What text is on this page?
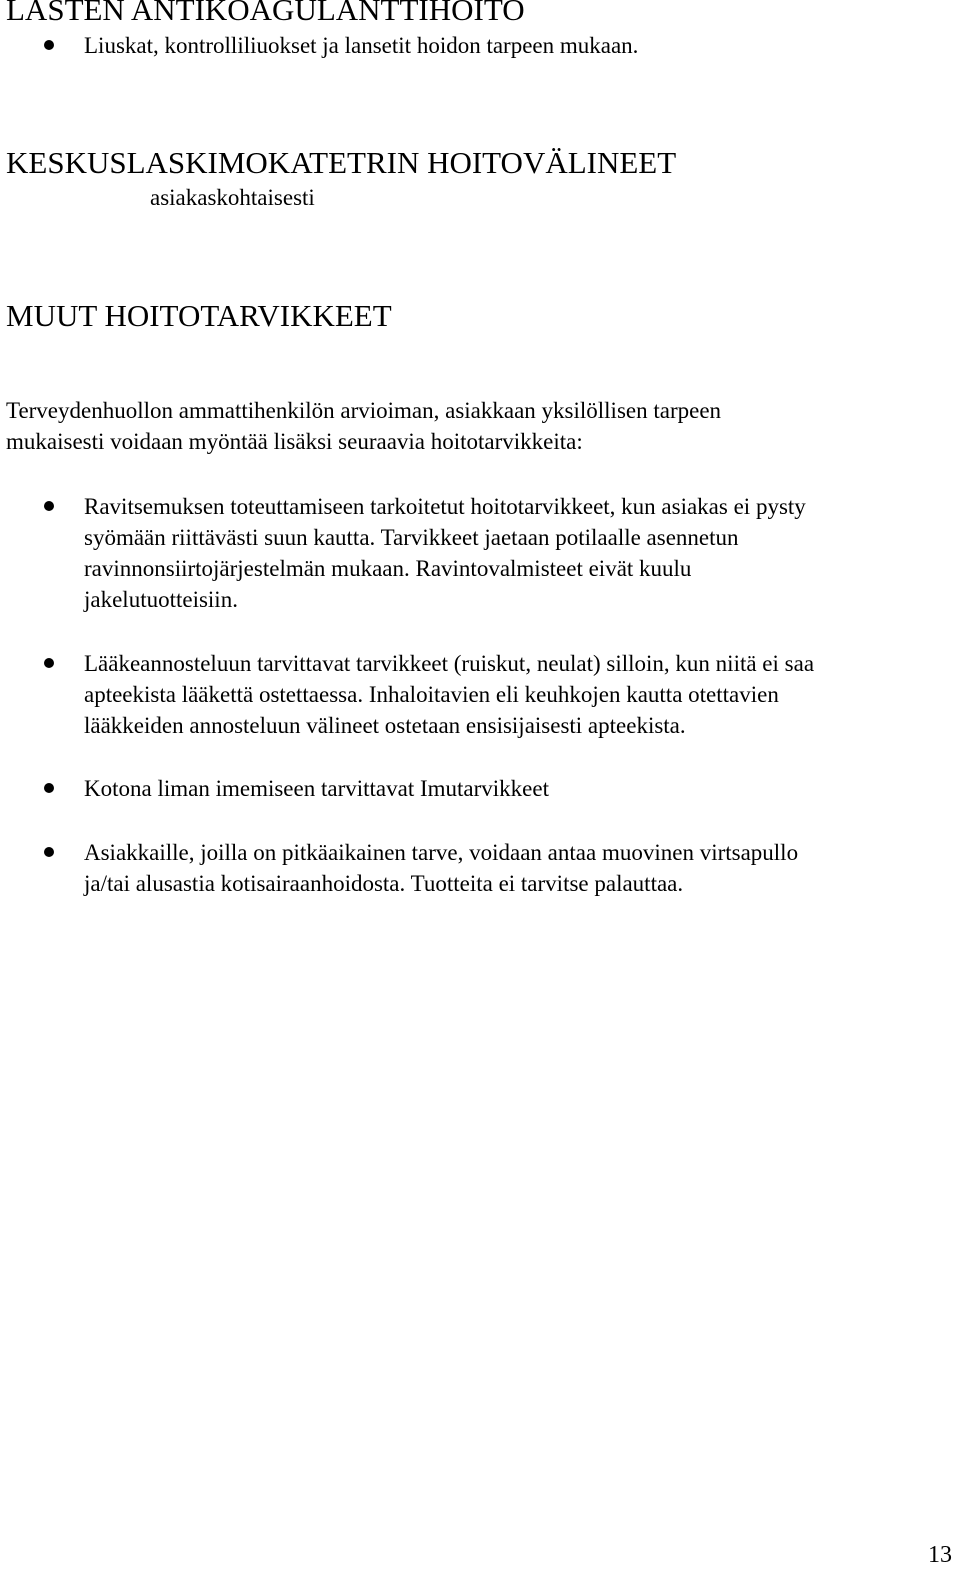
LASTEN ANTIKOAGULANTTIHOITO
Liuskat, kontrolliliuokset ja lansetit hoidon tarpeen mukaan.
KESKUSLASKIMOKATETRIN HOITOVÄLINEET
asiakaskohtaisesti
MUUT HOITOTARVIKKEET

Terveydenhuollon ammattihenkilön arvioiman, asiakkaan yksilöllisen tarpeen

mukaisesti voidaan myöntää lisäksi seuraavia hoitotarvikkeita:

Ravitsemuksen toteuttamiseen tarkoitetut hoitotarvikkeet, kun asiakas ei pysty
syömään riittävästi suun kautta. Tarvikkeet jaetaan potilaalle asennetun
ravinnonsiirtojärjestelmän mukaan. Ravintovalmisteet eivät kuulu
jakelutuotteisiin.
Lääkeannosteluun tarvittavat tarvikkeet (ruiskut, neulat) silloin, kun niitä ei saa
apteekista lääkettä ostettaessa. Inhaloitavien eli keuhkojen kautta otettavien
lääkkeiden annosteluun välineet ostetaan ensisijaisesti apteekista.
Kotona liman imemiseen tarvittavat Imutarvikkeet
Asiakkaille, joilla on pitkäaikainen tarve, voidaan antaa muovinen virtsapullo
ja/tai alusastia kotisairaanhoidosta. Tuotteita ei tarvitse palauttaa.
13
